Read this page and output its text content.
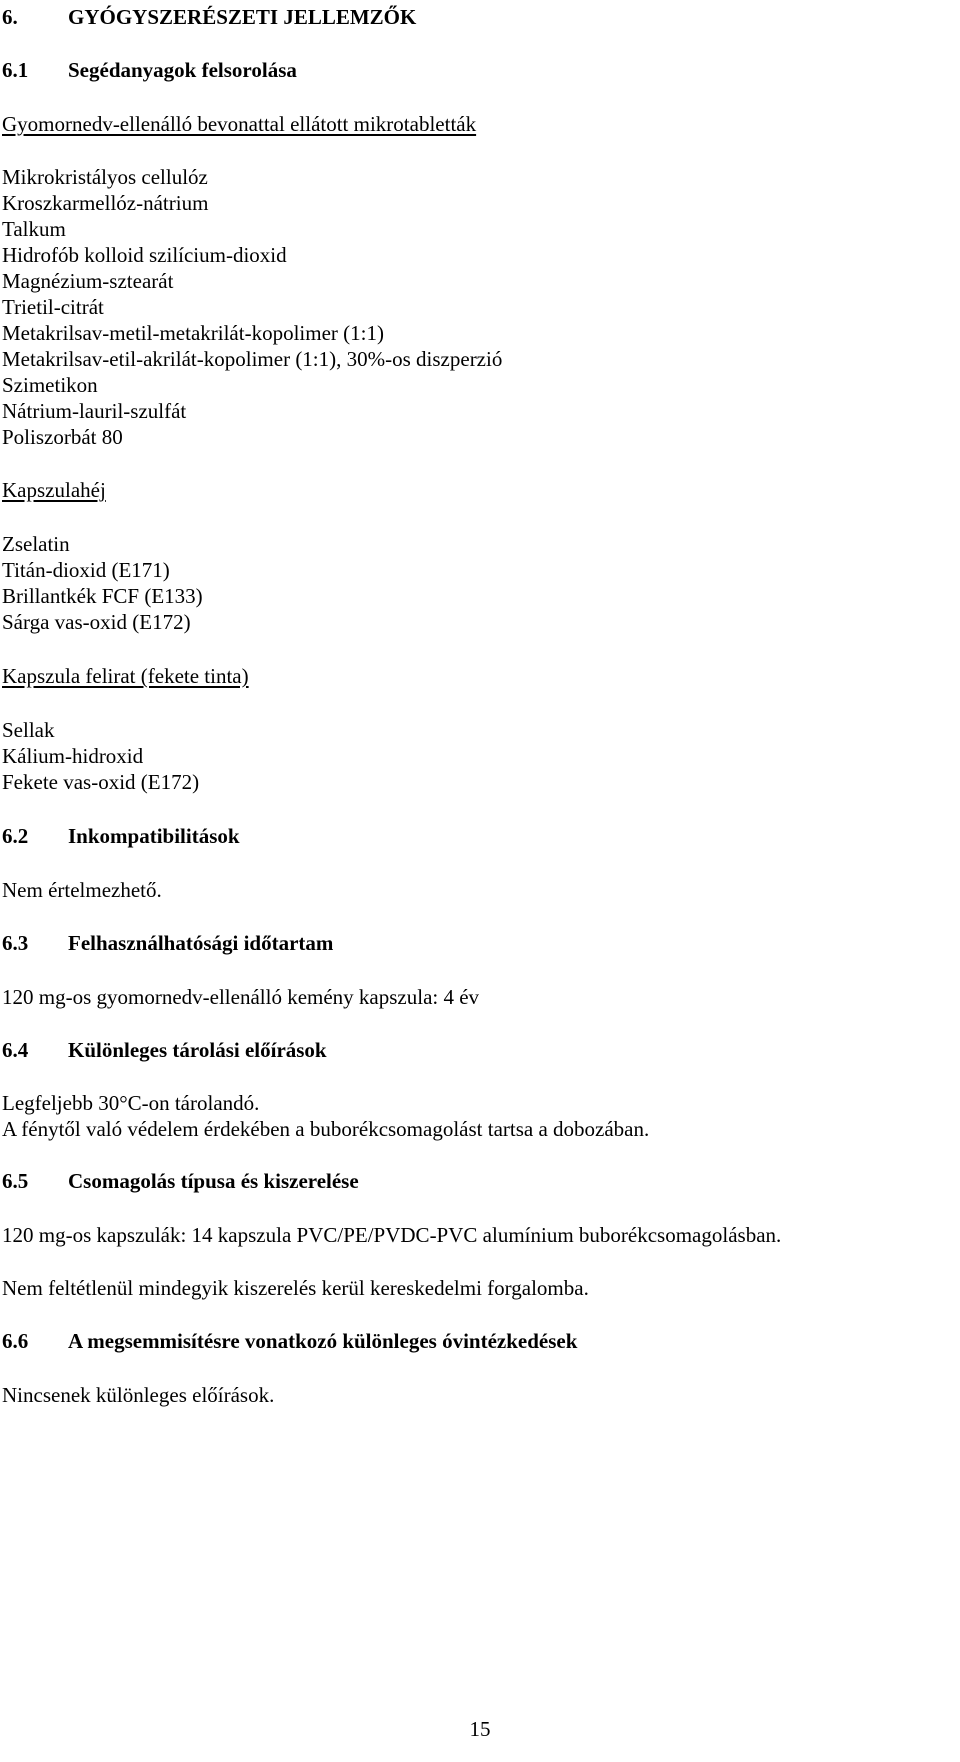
6. GYÓGYSZERÉSZETI JELLEMZŐK
6.1 Segédanyagok felsorolása
Gyomornedv-ellenálló bevonattal ellátott mikrotabletták
Mikrokristályos cellulóz
Kroszkarmellóz-nátrium
Talkum
Hidrofób kolloid szilícium-dioxid
Magnézium-sztearát
Trietil-citrát
Metakrilsav-metil-metakrilát-kopolimer (1:1)
Metakrilsav-etil-akrilát-kopolimer (1:1), 30%-os diszperzió
Szimetikon
Nátrium-lauril-szulfát
Poliszorbát 80
Kapszulahéj
Zselatin
Titán-dioxid (E171)
Brillantkék FCF (E133)
Sárga vas-oxid (E172)
Kapszula felirat (fekete tinta)
Sellak
Kálium-hidroxid
Fekete vas-oxid (E172)
6.2 Inkompatibilitások
Nem értelmezhető.
6.3 Felhasználhatósági időtartam
120 mg-os gyomornedv-ellenálló kemény kapszula: 4 év
6.4 Különleges tárolási előírások
Legfeljebb 30°C-on tárolandó.
A fénytől való védelem érdekében a buborékcsomagolást tartsa a dobozában.
6.5 Csomagolás típusa és kiszerelése
120 mg-os kapszulák: 14 kapszula PVC/PE/PVDC-PVC alumínium buborékcsomagolásban.
Nem feltétlenül mindegyik kiszerelés kerül kereskedelmi forgalomba.
6.6 A megsemmisítésre vonatkozó különleges óvintézkedések
Nincsenek különleges előírások.
15
